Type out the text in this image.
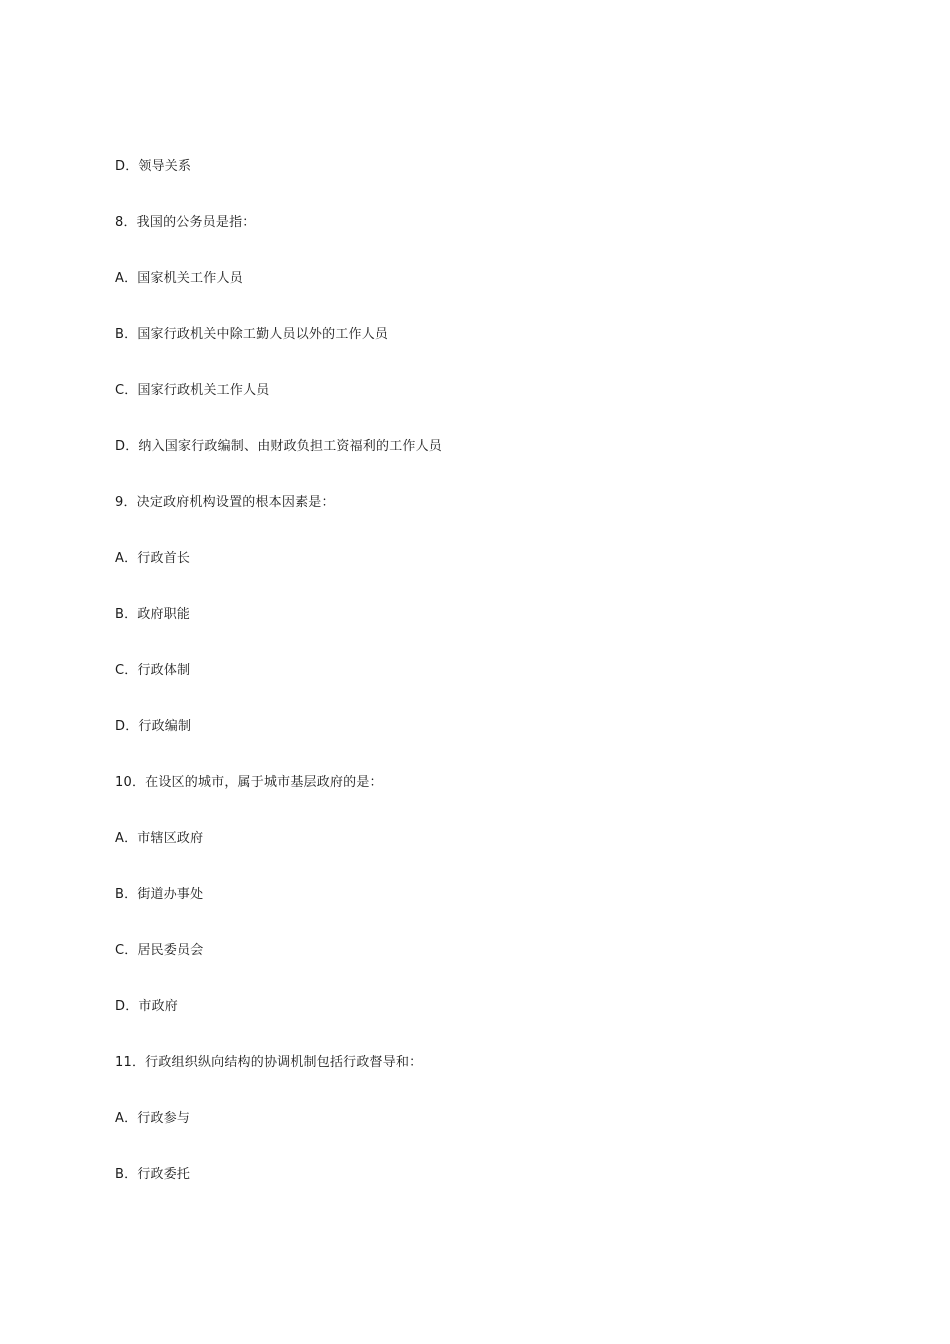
D．领导关系
8．我国的公务员是指：
A．国家机关工作人员
B．国家行政机关中除工勤人员以外的工作人员
C．国家行政机关工作人员
D．纳入国家行政编制、由财政负担工资福利的工作人员
9．决定政府机构设置的根本因素是：
A．行政首长
B．政府职能
C．行政体制
D．行政编制
10．在设区的城市，属于城市基层政府的是：
A．市辖区政府
B．街道办事处
C．居民委员会
D．市政府
11．行政组织纵向结构的协调机制包括行政督导和：
A．行政参与
B．行政委托
